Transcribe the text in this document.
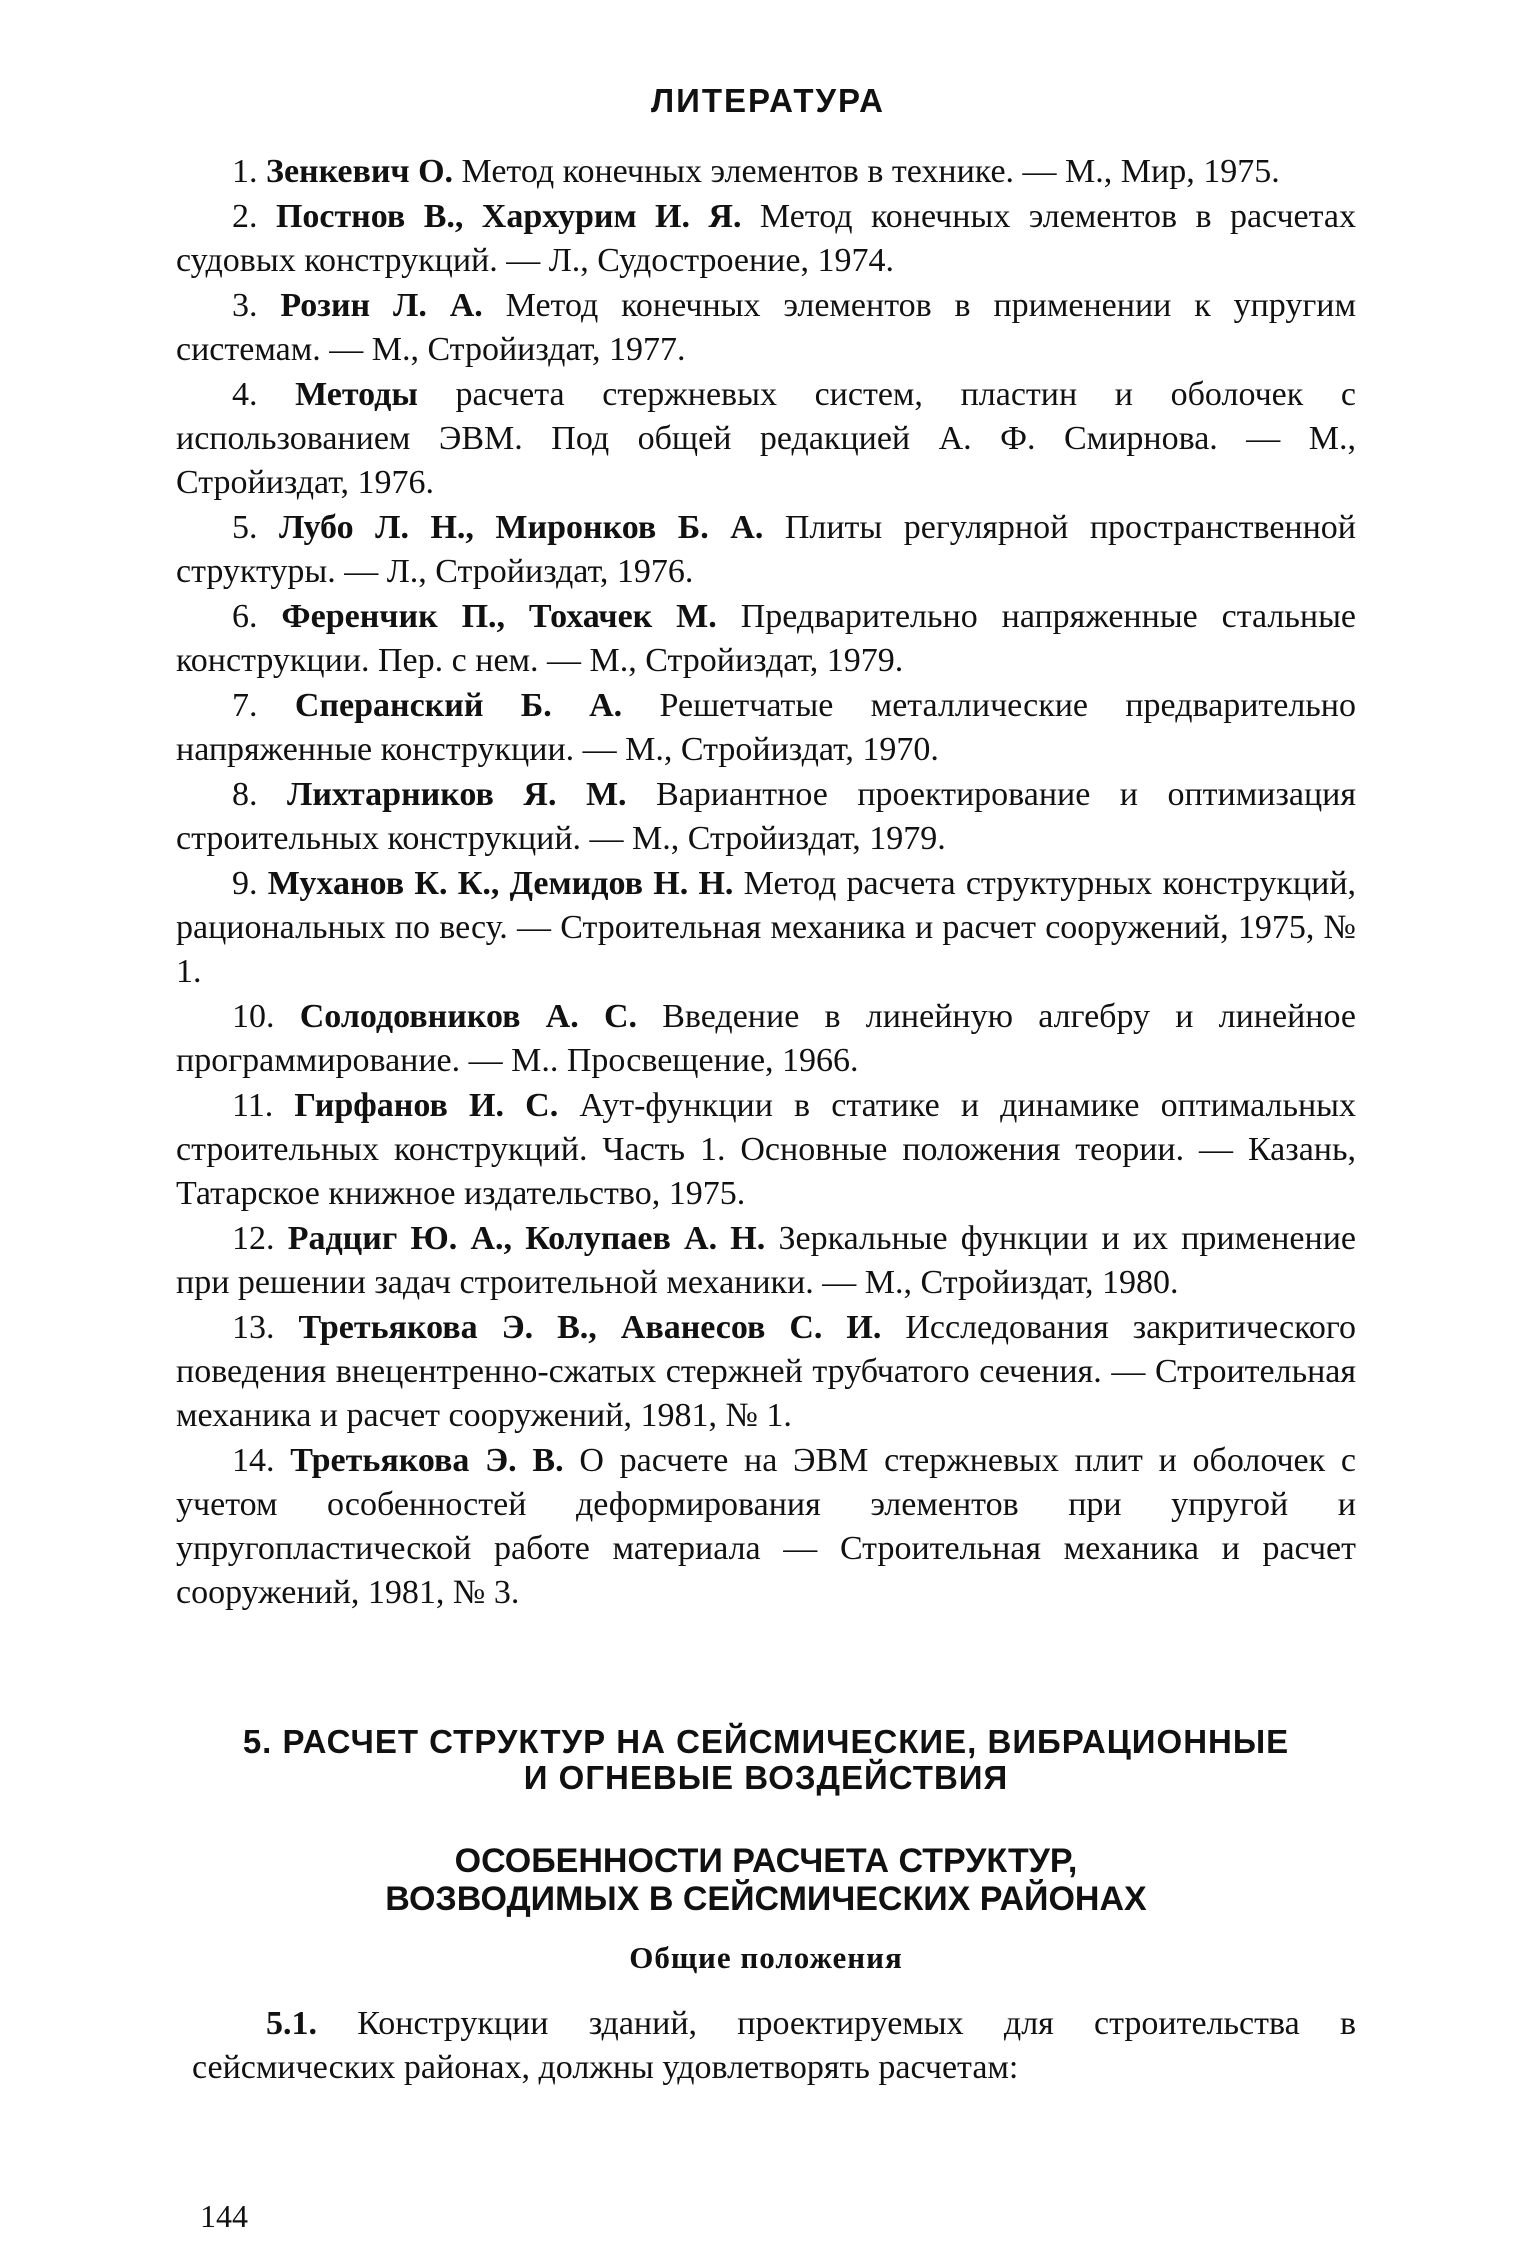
ЛИТЕРАТУРА

1. Зенкевич О. Метод конечных элементов в технике. — М., Мир, 1975.

2. Постнов В., Хархурим И. Я. Метод конечных элементов в расчетах судовых конструкций. — Л., Судостроение, 1974.

3. Розин Л. А. Метод конечных элементов в применении к упругим системам. — М., Стройиздат, 1977.

4. Методы расчета стержневых систем, пластин и оболочек с использованием ЭВМ. Под общей редакцией А. Ф. Смирнова. — М., Стройиздат, 1976.

5. Лубо Л. Н., Миронков Б. А. Плиты регулярной пространственной структуры. — Л., Стройиздат, 1976.

6. Ференчик П., Тохачек М. Предварительно напряженные стальные конструкции. Пер. с нем. — М., Стройиздат, 1979.

7. Сперанский Б. А. Решетчатые металлические предварительно напряженные конструкции. — М., Стройиздат, 1970.

8. Лихтарников Я. М. Вариантное проектирование и оптимизация строительных конструкций. — М., Стройиздат, 1979.

9. Муханов К. К., Демидов Н. Н. Метод расчета структурных конструкций, рациональных по весу. — Строительная механика и расчет сооружений, 1975, № 1.

10. Солодовников А. С. Введение в линейную алгебру и линейное программирование. — М.. Просвещение, 1966.

11. Гирфанов И. С. Аут-функции в статике и динамике оптимальных строительных конструкций. Часть 1. Основные положения теории. — Казань, Татарское книжное издательство, 1975.

12. Радциг Ю. А., Колупаев А. Н. Зеркальные функции и их применение при решении задач строительной механики. — М., Стройиздат, 1980.

13. Третьякова Э. В., Аванесов С. И. Исследования закритического поведения внецентренно-сжатых стержней трубчатого сечения. — Строительная механика и расчет сооружений, 1981, № 1.

14. Третьякова Э. В. О расчете на ЭВМ стержневых плит и оболочек с учетом особенностей деформирования элементов при упругой и упругопластической работе материала — Строительная механика и расчет сооружений, 1981, № 3.

5. РАСЧЕТ СТРУКТУР НА СЕЙСМИЧЕСКИЕ, ВИБРАЦИОННЫЕ
И ОГНЕВЫЕ ВОЗДЕЙСТВИЯ
ОСОБЕННОСТИ РАСЧЕТА СТРУКТУР,
ВОЗВОДИМЫХ В СЕЙСМИЧЕСКИХ РАЙОНАХ
Общие положения

5.1. Конструкции зданий, проектируемых для строительства в сейсмических районах, должны удовлетворять расчетам:

144
